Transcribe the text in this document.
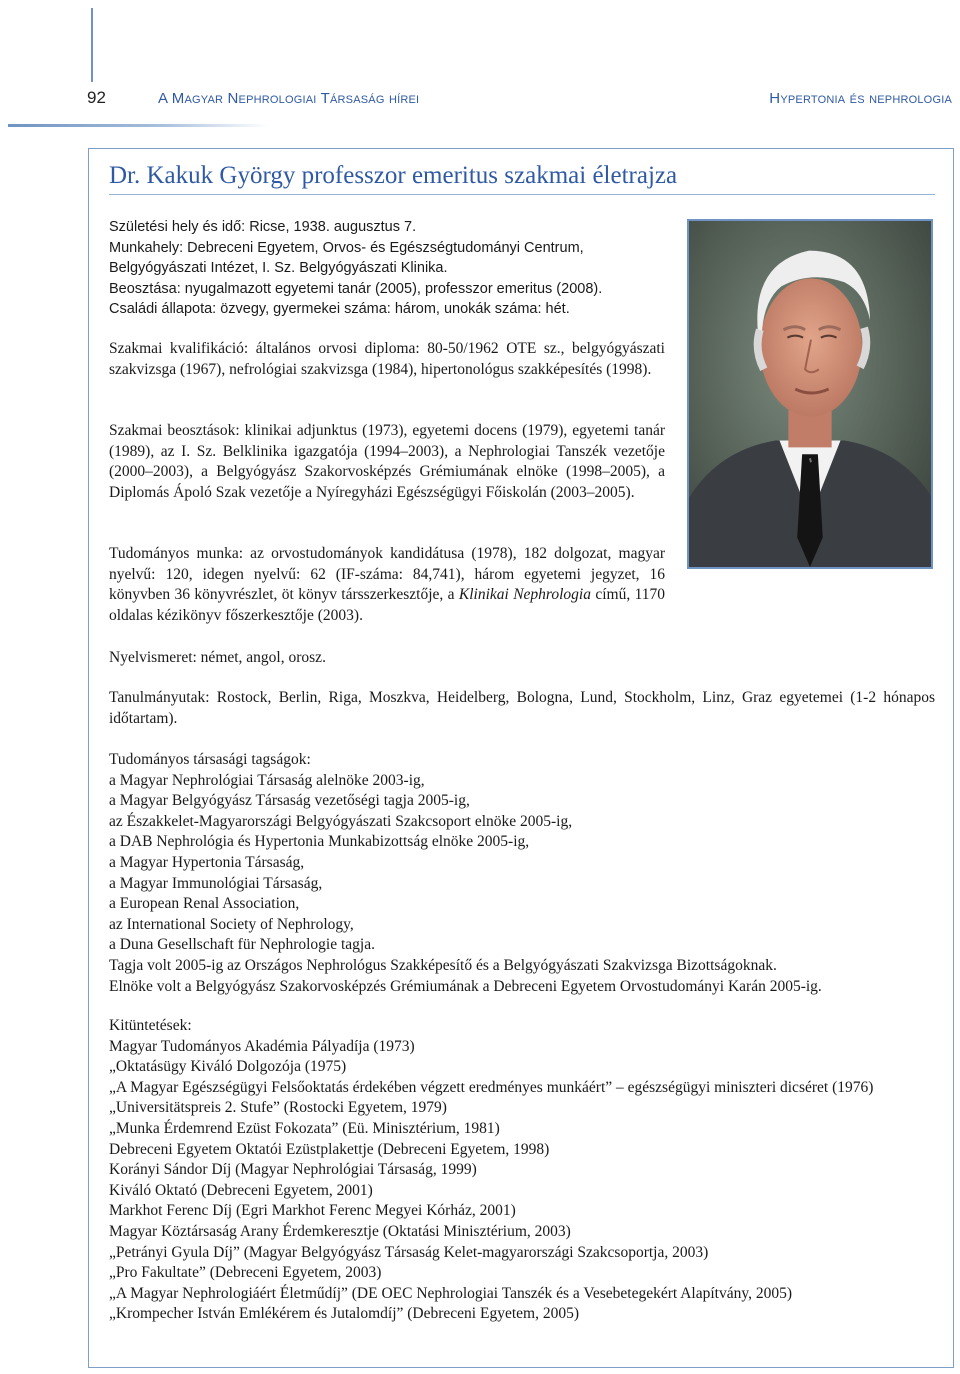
92	A Magyar Nephrologiai Társaság hírei	Hypertonia és nephrologia
Dr. Kakuk György professzor emeritus szakmai életrajza
Születési hely és idő: Ricse, 1938. augusztus 7.
Munkahely: Debreceni Egyetem, Orvos- és Egészségtudományi Centrum,
Belgyógyászati Intézet, I. Sz. Belgyógyászati Klinika.
Beosztása: nyugalmazott egyetemi tanár (2005), professzor emeritus (2008).
Családi állapota: özvegy, gyermekei száma: három, unokák száma: hét.

Szakmai kvalifikáció: általános orvosi diploma: 80-50/1962 OTE sz., belgyógyászati szakvizsga (1967), nefrológiai szakvizsga (1984), hipertonológus szakképesítés (1998).

Szakmai beosztások: klinikai adjunktus (1973), egyetemi docens (1979), egyetemi tanár (1989), az I. Sz. Belklinika igazgatója (1994–2003), a Nephrologiai Tanszék vezetője (2000–2003), a Belgyógyász Szakorvosképzés Grémiumának elnöke (1998–2005), a Diplomás Ápoló Szak vezetője a Nyíregyházi Egészségügyi Főiskolán (2003–2005).

Tudományos munka: az orvostudományok kandidátusa (1978), 182 dolgozat, magyar nyelvű: 120, idegen nyelvű: 62 (IF-száma: 84,741), három egyetemi jegyzet, 16 könyvben 36 könyvrészlet, öt könyv társszerkesztője, a Klinikai Nephrologia című, 1170 oldalas kézikönyv főszerkesztője (2003).

Nyelvismeret: német, angol, orosz.

Tanulmányutak: Rostock, Berlin, Riga, Moszkva, Heidelberg, Bologna, Lund, Stockholm, Linz, Graz egyetemei (1-2 hónapos időtartam).

Tudományos társasági tagságok:
a Magyar Nephrológiai Társaság alelnöke 2003-ig,
a Magyar Belgyógyász Társaság vezetőségi tagja 2005-ig,
az Északkelet-Magyarországi Belgyógyászati Szakcsoport elnöke 2005-ig,
a DAB Nephrológia és Hypertonia Munkabizottság elnöke 2005-ig,
a Magyar Hypertonia Társaság,
a Magyar Immunológiai Társaság,
a European Renal Association,
az International Society of Nephrology,
a Duna Gesellschaft für Nephrologie tagja.
Tagja volt 2005-ig az Országos Nephrológus Szakképesítő és a Belgyógyászati Szakvizsga Bizottságoknak.
Elnöke volt a Belgyógyász Szakorvosképzés Grémiumának a Debreceni Egyetem Orvostudományi Karán 2005-ig.
Kitüntetések:
Magyar Tudományos Akadémia Pályadíja (1973)
„Oktatásügy Kiváló Dolgozója (1975)
„A Magyar Egészségügyi Felsőoktatás érdekében végzett eredményes munkáért” – egészségügyi miniszteri dicséret (1976)
„Universitätspreis 2. Stufe” (Rostocki Egyetem, 1979)
„Munka Érdemrend Ezüst Fokozata” (Eü. Minisztérium, 1981)
Debreceni Egyetem Oktatói Ezüstplakettje (Debreceni Egyetem, 1998)
Korányi Sándor Díj (Magyar Nephrológiai Társaság, 1999)
Kiváló Oktató (Debreceni Egyetem, 2001)
Markhot Ferenc Díj (Egri Markhot Ferenc Megyei Kórház, 2001)
Magyar Köztársaság Arany Érdemkeresztje (Oktatási Minisztérium, 2003)
„Petrányi Gyula Díj” (Magyar Belgyógyász Társaság Kelet-magyarországi Szakcsoportja, 2003)
„Pro Fakultate” (Debreceni Egyetem, 2003)
„A Magyar Nephrologiáért Életműdíj” (DE OEC Nephrologiai Tanszék és a Vesebetegekért Alapítvány, 2005)
„Krompecher István Emlékérem és Jutalomdíj” (Debreceni Egyetem, 2005)
